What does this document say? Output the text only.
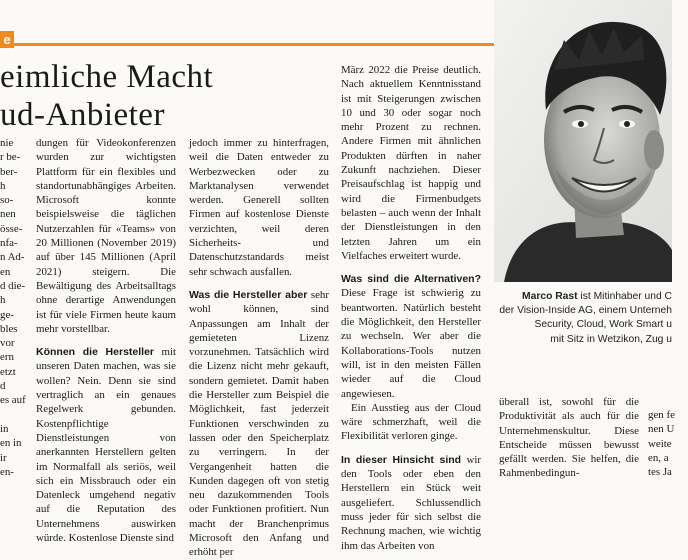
e
eimliche Macht
ud-Anbieter
nie
r be-
ber-
h
so-
nen
össe-
nfa-
n Ad-
en
d die-
h
ge-
bles
vor
ern
etzt
d
es auf

in
en in
ir
en-

dungen für Videokonferenzen wurden zur wichtigsten Plattform für ein flexibles und standortunabhängiges Arbeiten. Microsoft konnte beispielsweise die täglichen Nutzerzahlen für «Teams» von 20 Millionen (November 2019) auf über 145 Millionen (April 2021) steigern. Die Bewältigung des Arbeitsalltags ohne derartige Anwendungen ist für viele Firmen heute kaum mehr vorstellbar.

Können die Hersteller mit unseren Daten machen, was sie wollen? Nein. Denn sie sind vertraglich an ein genaues Regelwerk gebunden. Kostenpflichtige Dienstleistungen von anerkannten Herstellern gelten im Normalfall als seriös, weil sich ein Missbrauch oder ein Datenleck umgehend negativ auf die Reputation des Unternehmens auswirken würde. Kostenlose Dienste sind

jedoch immer zu hinterfragen, weil die Daten entweder zu Werbezwecken oder zu Marktanalysen verwendet werden. Generell sollten Firmen auf kostenlose Dienste verzichten, weil deren Sicherheits- und Datenschutzstandards meist sehr schwach ausfallen.

Was die Hersteller aber sehr wohl können, sind Anpassungen am Inhalt der gemieteten Lizenz vorzunehmen. Tatsächlich wird die Lizenz nicht mehr gekauft, sondern gemietet. Damit haben die Hersteller zum Beispiel die Möglichkeit, fast jederzeit Funktionen verschwinden zu lassen oder den Speicherplatz zu verringern. In der Vergangenheit hatten die Kunden dagegen oft von stetig neu dazukommenden Tools oder Funktionen profitiert. Nun macht der Branchenprimus Microsoft den Anfang und erhöht per

März 2022 die Preise deutlich. Nach aktuellem Kenntnisstand ist mit Steigerungen zwischen 10 und 30 oder sogar noch mehr Prozent zu rechnen. Andere Firmen mit ähnlichen Produkten dürften in naher Zukunft nachziehen. Dieser Preisaufschlag ist happig und wird die Firmenbudgets belasten – auch wenn der Inhalt der Dienstleistungen in den letzten Jahren um ein Vielfaches erweitert wurde.

Was sind die Alternativen? Diese Frage ist schwierig zu beantworten. Natürlich besteht die Möglichkeit, den Hersteller zu wechseln. Wer aber die Kollaborations-Tools nutzen will, ist in den meisten Fällen wieder auf die Cloud angewiesen.

Ein Ausstieg aus der Cloud wäre schmerzhaft, weil die Flexibilität verloren ginge.

In dieser Hinsicht sind wir den Tools oder eben den Herstellern ein Stück weit ausgeliefert. Schlussendlich muss jeder für sich selbst die Rechnung machen, wie wichtig ihm das Arbeiten von

überall ist, sowohl für die Produktivität als auch für die Unternehmenskultur. Diese Entscheide müssen bewusst gefällt werden. Sie helfen, die Rahmenbedingun-

gen fe
nen U
weite
en, a
tes Ja
Marco Rast ist Mitinhaber und C
der Vision-Inside AG, einem Unterneh
Security, Cloud, Work Smart u
mit Sitz in Wetzikon, Zug u
